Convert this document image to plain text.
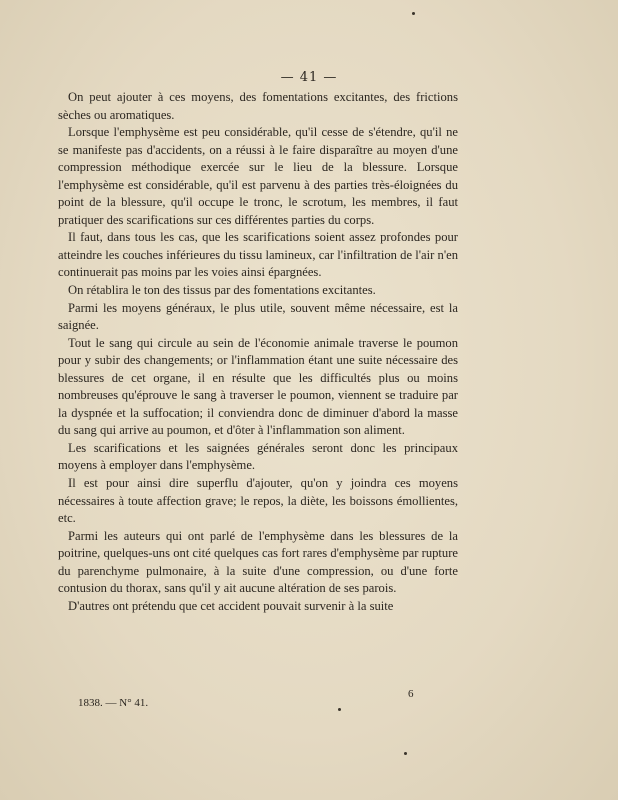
— 41 —

On peut ajouter à ces moyens, des fomentations excitantes, des frictions sèches ou aromatiques.

Lorsque l'emphysème est peu considérable, qu'il cesse de s'étendre, qu'il ne se manifeste pas d'accidents, on a réussi à le faire disparaître au moyen d'une compression méthodique exercée sur le lieu de la blessure. Lorsque l'emphysème est considérable, qu'il est parvenu à des parties très-éloignées du point de la blessure, qu'il occupe le tronc, le scrotum, les membres, il faut pratiquer des scarifications sur ces différentes parties du corps.

Il faut, dans tous les cas, que les scarifications soient assez profondes pour atteindre les couches inférieures du tissu lamineux, car l'infiltration de l'air n'en continuerait pas moins par les voies ainsi épargnées.

On rétablira le ton des tissus par des fomentations excitantes.

Parmi les moyens généraux, le plus utile, souvent même nécessaire, est la saignée.

Tout le sang qui circule au sein de l'économie animale traverse le poumon pour y subir des changements; or l'inflammation étant une suite nécessaire des blessures de cet organe, il en résulte que les difficultés plus ou moins nombreuses qu'éprouve le sang à traverser le poumon, viennent se traduire par la dyspnée et la suffocation; il conviendra donc de diminuer d'abord la masse du sang qui arrive au poumon, et d'ôter à l'inflammation son aliment.

Les scarifications et les saignées générales seront donc les principaux moyens à employer dans l'emphysème.

Il est pour ainsi dire superflu d'ajouter, qu'on y joindra ces moyens nécessaires à toute affection grave; le repos, la diète, les boissons émollientes, etc.

Parmi les auteurs qui ont parlé de l'emphysème dans les blessures de la poitrine, quelques-uns ont cité quelques cas fort rares d'emphysème par rupture du parenchyme pulmonaire, à la suite d'une compression, ou d'une forte contusion du thorax, sans qu'il y ait aucune altération de ses parois.

D'autres ont prétendu que cet accident pouvait survenir à la suite

1838. — N° 41.
6
